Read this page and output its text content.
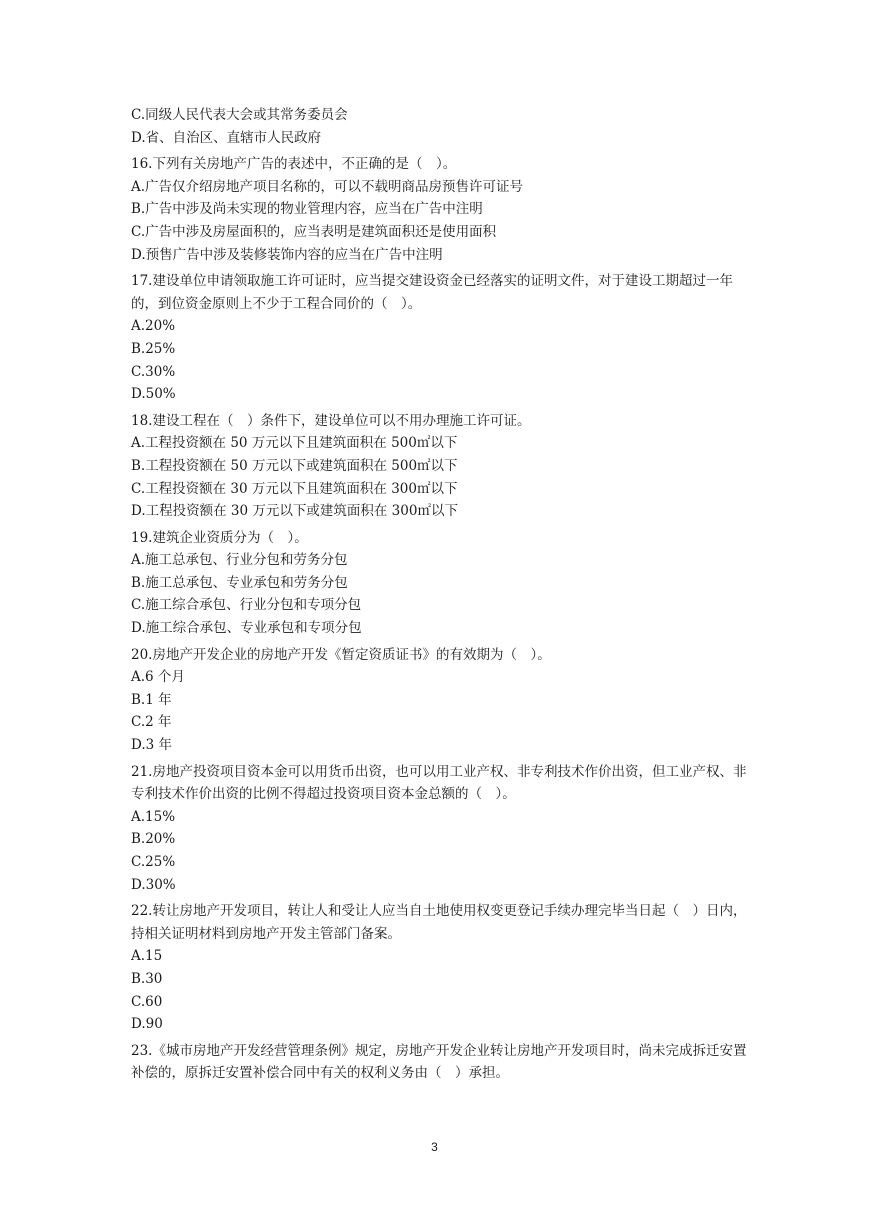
C.同级人民代表大会或其常务委员会
D.省、自治区、直辖市人民政府
16.下列有关房地产广告的表述中，不正确的是（　）。
A.广告仅介绍房地产项目名称的，可以不载明商品房预售许可证号
B.广告中涉及尚未实现的物业管理内容，应当在广告中注明
C.广告中涉及房屋面积的，应当表明是建筑面积还是使用面积
D.预售广告中涉及装修装饰内容的应当在广告中注明
17.建设单位申请领取施工许可证时，应当提交建设资金已经落实的证明文件，对于建设工期超过一年的，到位资金原则上不少于工程合同价的（　）。
A.20%
B.25%
C.30%
D.50%
18.建设工程在（　）条件下，建设单位可以不用办理施工许可证。
A.工程投资额在 50 万元以下且建筑面积在 500㎡以下
B.工程投资额在 50 万元以下或建筑面积在 500㎡以下
C.工程投资额在 30 万元以下且建筑面积在 300㎡以下
D.工程投资额在 30 万元以下或建筑面积在 300㎡以下
19.建筑企业资质分为（　）。
A.施工总承包、行业分包和劳务分包
B.施工总承包、专业承包和劳务分包
C.施工综合承包、行业分包和专项分包
D.施工综合承包、专业承包和专项分包
20.房地产开发企业的房地产开发《暂定资质证书》的有效期为（　）。
A.6 个月
B.1 年
C.2 年
D.3 年
21.房地产投资项目资本金可以用货币出资，也可以用工业产权、非专利技术作价出资，但工业产权、非专利技术作价出资的比例不得超过投资项目资本金总额的（　）。
A.15%
B.20%
C.25%
D.30%
22.转让房地产开发项目，转让人和受让人应当自土地使用权变更登记手续办理完毕当日起（　）日内，持相关证明材料到房地产开发主管部门备案。
A.15
B.30
C.60
D.90
23.《城市房地产开发经营管理条例》规定，房地产开发企业转让房地产开发项目时，尚未完成拆迁安置补偿的，原拆迁安置补偿合同中有关的权利义务由（　）承担。
3
